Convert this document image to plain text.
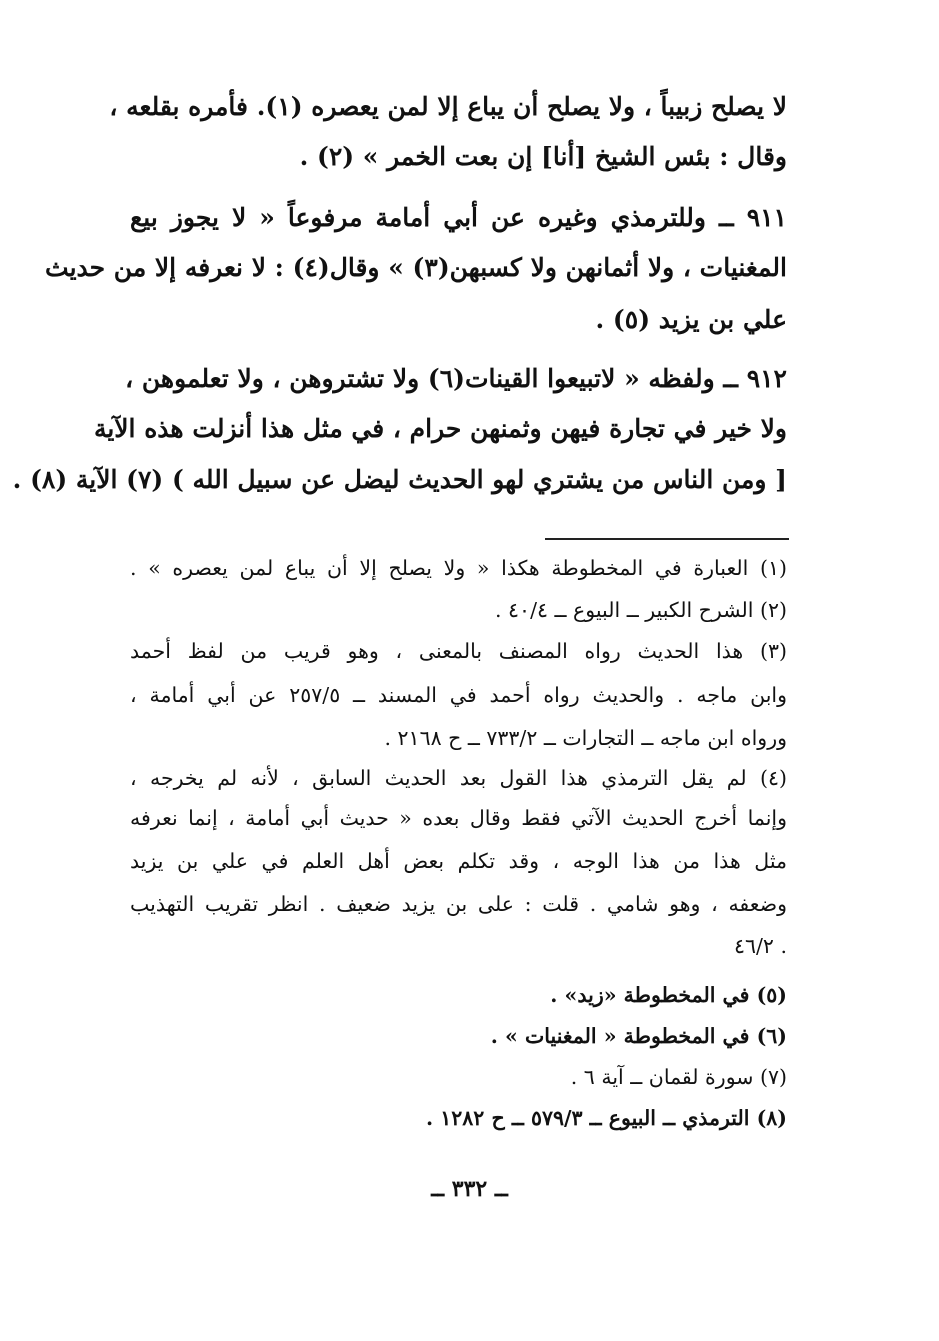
لا يصلح زبيباً ، ولا يصلح أن يباع إلا لمن يعصره (١). فأمره بقلعه ،
وقال : بئس الشيخ [أنا] إن بعت الخمر » (٢) .
٩١١ ــ وللترمذي وغيره عن أبي أمامة مرفوعاً « لا يجوز بيع
المغنيات ، ولا أثمانهن ولا كسبهن(٣) » وقال(٤) : لا نعرفه إلا من حديث
علي بن يزيد (٥) .
٩١٢ ــ ولفظه « لاتبيعوا القينات(٦) ولا تشتروهن ، ولا تعلموهن ،
ولا خير في تجارة فيهن وثمنهن حرام ، في مثل هذا أنزلت هذه الآية
[ ومن الناس من يشتري لهو الحديث ليضل عن سبيل الله ) (٧) الآية (٨) .
(١) العبارة في المخطوطة هكذا « ولا يصلح إلا أن يباع لمن يعصره » .
(٢) الشرح الكبير ــ البيوع ــ ٤٠/٤ .
(٣) هذا الحديث رواه المصنف بالمعنى ، وهو قريب من لفظ أحمد
وابن ماجه . والحديث رواه أحمد في المسند ــ ٢٥٧/٥ عن أبي أمامة ،
ورواه ابن ماجه ــ التجارات ــ ٧٣٣/٢ ــ ح ٢١٦٨ .
(٤) لم يقل الترمذي هذا القول بعد الحديث السابق ، لأنه لم يخرجه ،
وإنما أخرج الحديث الآتي فقط وقال بعده « حديث أبي أمامة ، إنما نعرفه
مثل هذا من هذا الوجه ، وقد تكلم بعض أهل العلم في علي بن يزيد
وضعفه ، وهو شامي . قلت : على بن يزيد ضعيف . انظر تقريب التهذيب
٤٦/٢ .
(٥) في المخطوطة «زيد» .
(٦) في المخطوطة « المغنيات » .
(٧) سورة لقمان ــ آية ٦ .
(٨) الترمذي ــ البيوع ــ ٥٧٩/٣ ــ ح ١٢٨٢ .
ــ ٣٣٢ ــ
